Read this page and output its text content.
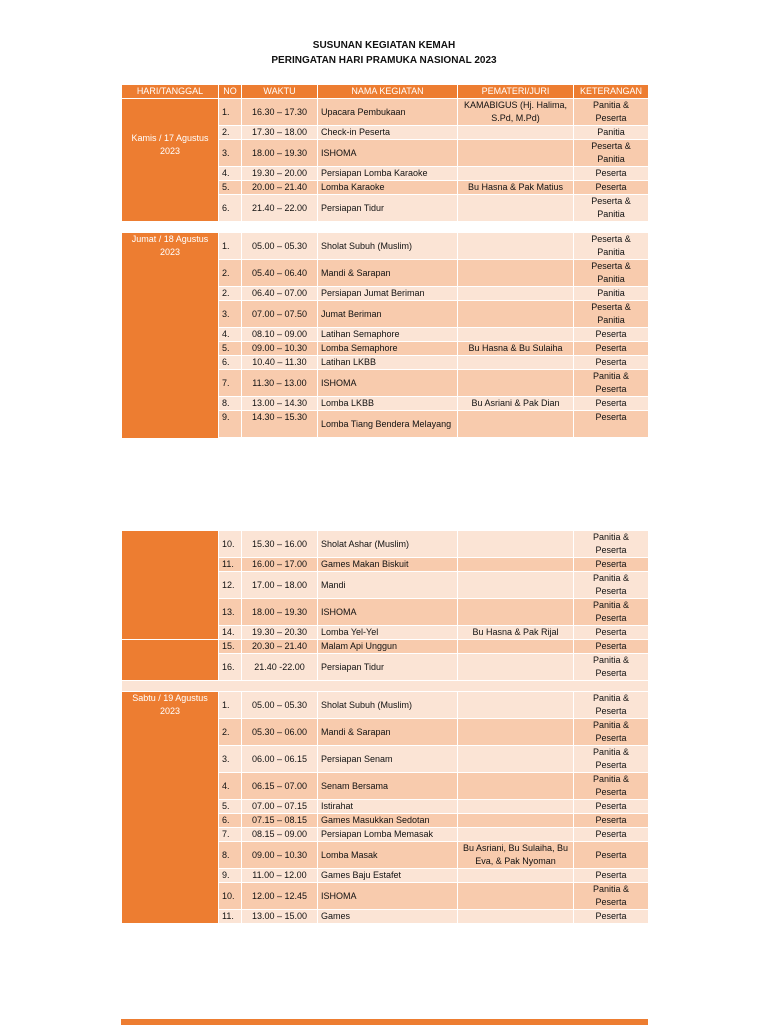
SUSUNAN KEGIATAN KEMAH
PERINGATAN HARI PRAMUKA NASIONAL 2023
HARI/TANGGAL	NO	WAKTU	NAMA KEGIATAN	PEMATERI/JURI	KETERANGAN
Kamis / 17 Agustus 2023	1.	16.30 – 17.30	Upacara Pembukaan	KAMABIGUS (Hj. Halima, S.Pd, M.Pd)	Panitia & Peserta
	2.	17.30 – 18.00	Check-in Peserta		Panitia
	3.	18.00 – 19.30	ISHOMA		Peserta & Panitia
	4.	19.30 – 20.00	Persiapan Lomba Karaoke		Peserta
	5.	20.00 – 21.40	Lomba Karaoke	Bu Hasna & Pak Matius	Peserta
	6.	21.40 – 22.00	Persiapan Tidur		Peserta & Panitia

Jumat / 18 Agustus 2023	1.	05.00 – 05.30	Sholat Subuh (Muslim)		Peserta & Panitia
	2.	05.40 – 06.40	Mandi & Sarapan		Peserta & Panitia
	2.	06.40 – 07.00	Persiapan Jumat Beriman		Panitia
	3.	07.00 – 07.50	Jumat Beriman		Peserta & Panitia
	4.	08.10 – 09.00	Latihan Semaphore		Peserta
	5.	09.00 – 10.30	Lomba Semaphore	Bu Hasna & Bu Sulaiha	Peserta
	6.	10.40 – 11.30	Latihan LKBB		Peserta
	7.	11.30 – 13.00	ISHOMA		Panitia & Peserta
	8.	13.00 – 14.30	Lomba LKBB	Bu Asriani & Pak Dian	Peserta
	9.	14.30 – 15.30	Lomba Tiang Bendera Melayang		Peserta

	10.	15.30 – 16.00	Sholat Ashar (Muslim)		Panitia & Peserta
	11.	16.00 – 17.00	Games Makan Biskuit		Peserta
	12.	17.00 – 18.00	Mandi		Panitia & Peserta
	13.	18.00 – 19.30	ISHOMA		Panitia & Peserta
	14.	19.30 – 20.30	Lomba Yel-Yel	Bu Hasna & Pak Rijal	Peserta
	15.	20.30 – 21.40	Malam Api Unggun		Peserta
	16.	21.40 -22.00	Persiapan Tidur		Panitia & Peserta

Sabtu / 19 Agustus 2023	1.	05.00 – 05.30	Sholat Subuh (Muslim)		Panitia & Peserta
	2.	05.30 – 06.00	Mandi & Sarapan		Panitia & Peserta
	3.	06.00 – 06.15	Persiapan Senam		Panitia & Peserta
	4.	06.15 – 07.00	Senam Bersama		Panitia & Peserta
	5.	07.00 – 07.15	Istirahat		Peserta
	6.	07.15 – 08.15	Games Masukkan Sedotan		Peserta
	7.	08.15 – 09.00	Persiapan Lomba Memasak		Peserta
	8.	09.00 – 10.30	Lomba Masak	Bu Asriani, Bu Sulaiha, Bu Eva, & Pak Nyoman	Peserta
	9.	11.00 – 12.00	Games Baju Estafet		Peserta
	10.	12.00 – 12.45	ISHOMA		Panitia & Peserta
	11.	13.00 – 15.00	Games		Peserta
